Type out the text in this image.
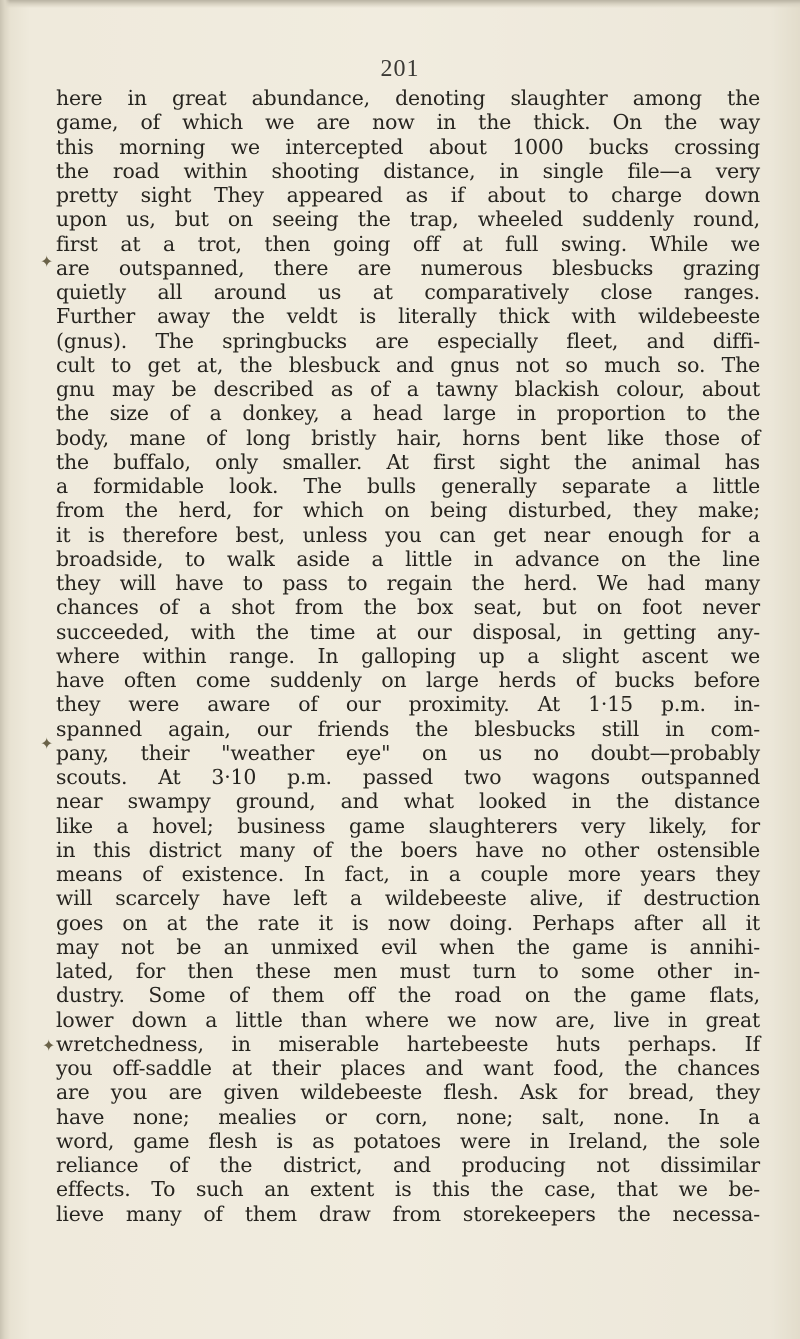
201
✦
✦
✦
here in great abundance, denoting slaughter among the
game, of which we are now in the thick. On the way
this morning we intercepted about 1000 bucks crossing
the road within shooting distance, in single file—a very
pretty sight They appeared as if about to charge down
upon us, but on seeing the trap, wheeled suddenly round,
first at a trot, then going off at full swing. While we
are outspanned, there are numerous blesbucks grazing
quietly all around us at comparatively close ranges.
Further away the veldt is literally thick with wildebeeste
(gnus). The springbucks are especially fleet, and diffi-
cult to get at, the blesbuck and gnus not so much so. The
gnu may be described as of a tawny blackish colour, about
the size of a donkey, a head large in proportion to the
body, mane of long bristly hair, horns bent like those of
the buffalo, only smaller. At first sight the animal has
a formidable look. The bulls generally separate a little
from the herd, for which on being disturbed, they make;
it is therefore best, unless you can get near enough for a
broadside, to walk aside a little in advance on the line
they will have to pass to regain the herd. We had many
chances of a shot from the box seat, but on foot never
succeeded, with the time at our disposal, in getting any-
where within range. In galloping up a slight ascent we
have often come suddenly on large herds of bucks before
they were aware of our proximity. At 1·15 p.m. in-
spanned again, our friends the blesbucks still in com-
pany, their "weather eye" on us no doubt—probably
scouts. At 3·10 p.m. passed two wagons outspanned
near swampy ground, and what looked in the distance
like a hovel; business game slaughterers very likely, for
in this district many of the boers have no other ostensible
means of existence. In fact, in a couple more years they
will scarcely have left a wildebeeste alive, if destruction
goes on at the rate it is now doing. Perhaps after all it
may not be an unmixed evil when the game is annihi-
lated, for then these men must turn to some other in-
dustry. Some of them off the road on the game flats,
lower down a little than where we now are, live in great
wretchedness, in miserable hartebeeste huts perhaps. If
you off-saddle at their places and want food, the chances
are you are given wildebeeste flesh. Ask for bread, they
have none; mealies or corn, none; salt, none. In a
word, game flesh is as potatoes were in Ireland, the sole
reliance of the district, and producing not dissimilar
effects. To such an extent is this the case, that we be-
lieve many of them draw from storekeepers the necessa-
